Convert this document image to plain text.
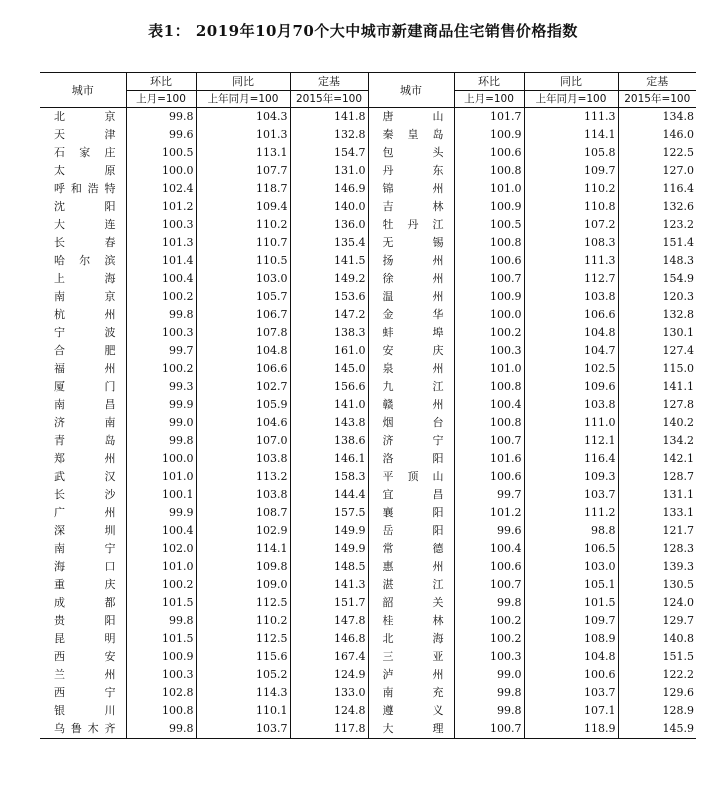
表1： 2019年10月70个大中城市新建商品住宅销售价格指数
城市	环比	同比	定基	城市	环比	同比	定基
	上月=100	上年同月=100	2015年=100		上月=100	上年同月=100	2015年=100
北京	99.8	104.3	141.8	唐山	101.7	111.3	134.8
天津	99.6	101.3	132.8	秦皇岛	100.9	114.1	146.0
石家庄	100.5	113.1	154.7	包头	100.6	105.8	122.5
太原	100.0	107.7	131.0	丹东	100.8	109.7	127.0
呼和浩特	102.4	118.7	146.9	锦州	101.0	110.2	116.4
沈阳	101.2	109.4	140.0	吉林	100.9	110.8	132.6
大连	100.3	110.2	136.0	牡丹江	100.5	107.2	123.2
长春	101.3	110.7	135.4	无锡	100.8	108.3	151.4
哈尔滨	101.4	110.5	141.5	扬州	100.6	111.3	148.3
上海	100.4	103.0	149.2	徐州	100.7	112.7	154.9
南京	100.2	105.7	153.6	温州	100.9	103.8	120.3
杭州	99.8	106.7	147.2	金华	100.0	106.6	132.8
宁波	100.3	107.8	138.3	蚌埠	100.2	104.8	130.1
合肥	99.7	104.8	161.0	安庆	100.3	104.7	127.4
福州	100.2	106.6	145.0	泉州	101.0	102.5	115.0
厦门	99.3	102.7	156.6	九江	100.8	109.6	141.1
南昌	99.9	105.9	141.0	赣州	100.4	103.8	127.8
济南	99.0	104.6	143.8	烟台	100.8	111.0	140.2
青岛	99.8	107.0	138.6	济宁	100.7	112.1	134.2
郑州	100.0	103.8	146.1	洛阳	101.6	116.4	142.1
武汉	101.0	113.2	158.3	平顶山	100.6	109.3	128.7
长沙	100.1	103.8	144.4	宜昌	99.7	103.7	131.1
广州	99.9	108.7	157.5	襄阳	101.2	111.2	133.1
深圳	100.4	102.9	149.9	岳阳	99.6	98.8	121.7
南宁	102.0	114.1	149.9	常德	100.4	106.5	128.3
海口	101.0	109.8	148.5	惠州	100.6	103.0	139.3
重庆	100.2	109.0	141.3	湛江	100.7	105.1	130.5
成都	101.5	112.5	151.7	韶关	99.8	101.5	124.0
贵阳	99.8	110.2	147.8	桂林	100.2	109.7	129.7
昆明	101.5	112.5	146.8	北海	100.2	108.9	140.8
西安	100.9	115.6	167.4	三亚	100.3	104.8	151.5
兰州	100.3	105.2	124.9	泸州	99.0	100.6	122.2
西宁	102.8	114.3	133.0	南充	99.8	103.7	129.6
银川	100.8	110.1	124.8	遵义	99.8	107.1	128.9
乌鲁木齐	99.8	103.7	117.8	大理	100.7	118.9	145.9
